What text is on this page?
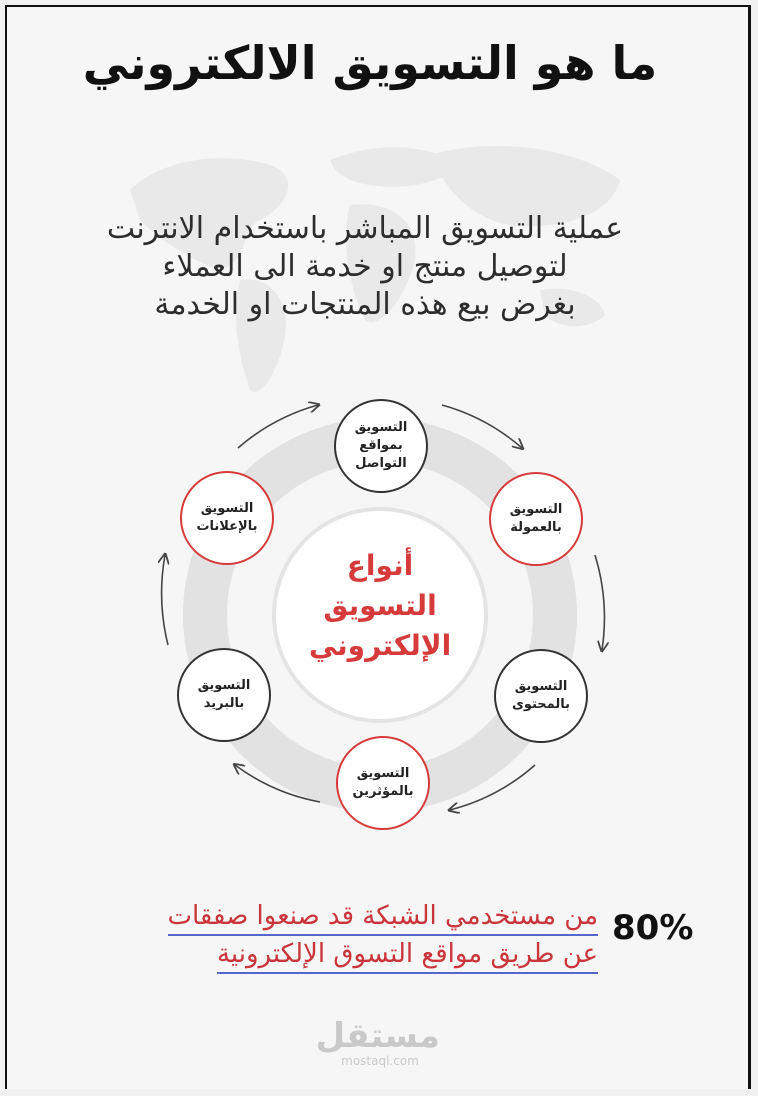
ما هو التسويق الالكتروني
عملية التسويق المباشر باستخدام الانترنت
لتوصيل منتج او خدمة الى العملاء
بغرض بيع هذه المنتجات او الخدمة
أنواع
التسويق
الإلكتروني
التسويق
بمواقع
التواصل
التسويق
بالعمولة
التسويق
بالمحتوى
التسويق
بالمؤثرين
التسويق
بالبريد
التسويق
بالإعلانات
من مستخدمي الشبكة قد صنعوا صفقات
عن طريق مواقع التسوق الإلكترونية
80%
مستقل
mostaql.com
